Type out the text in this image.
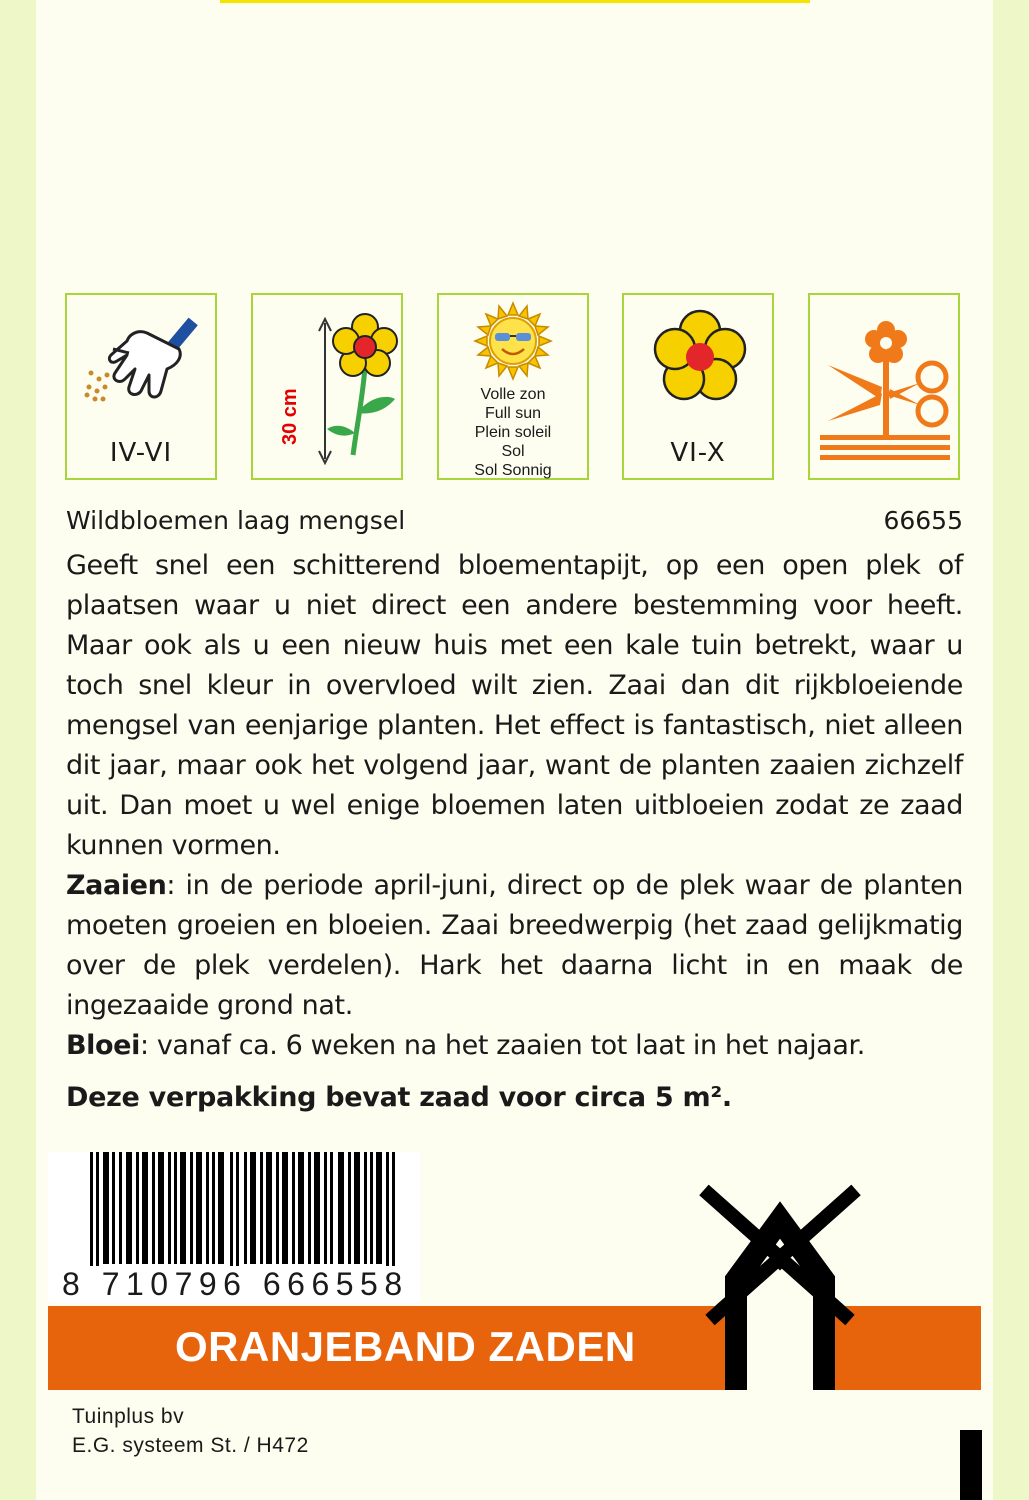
IV-VI
30 cm	Volle zon
Full sun
Plein soleil
Sol
Sol Sonnig
VI-X
Wildbloemen laag mengsel	66655

Geeft snel een schitterend bloementapijt, op een open plek of plaatsen waar u niet direct een andere bestemming voor heeft. Maar ook als u een nieuw huis met een kale tuin betrekt, waar u toch snel kleur in overvloed wilt zien. Zaai dan dit rijkbloeiende mengsel van eenjarige planten. Het effect is fantastisch, niet alleen dit jaar, maar ook het volgend jaar, want de planten zaaien zichzelf uit. Dan moet u wel enige bloemen laten uitbloeien zodat ze zaad kunnen vormen.

Zaaien: in de periode april-juni, direct op de plek waar de planten moeten groeien en bloeien. Zaai breedwerpig (het zaad gelijkmatig over de plek verdelen). Hark het daarna licht in en maak de ingezaaide grond nat.

Bloei: vanaf ca. 6 weken na het zaaien tot laat in het najaar.

Deze verpakking bevat zaad voor circa 5 m².
8 710796 666558
ORANJEBAND ZADEN
Tuinplus bv
E.G. systeem St. / H472
